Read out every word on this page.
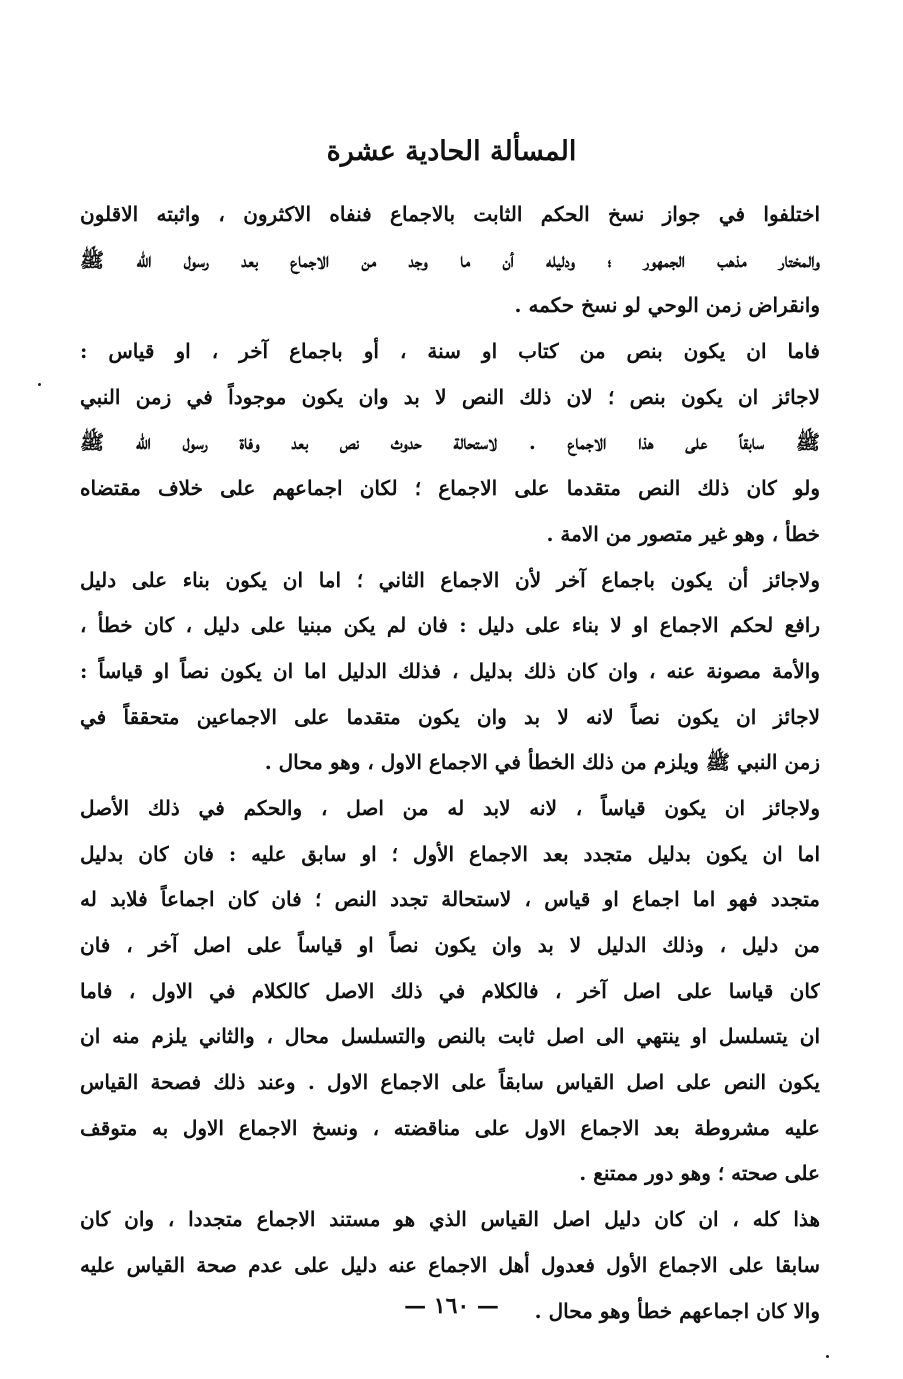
المسألة الحادية عشرة
اختلفوا في جواز نسخ الحكم الثابت بالاجماع فنفاه الاكثرون ، واثبته الاقلون
والمختار مذهب الجمهور ؛ ودليله أن ما وجد من الاجماع بعد رسول الله ﷺ
وانقراض زمن الوحي لو نسخ حكمه .
فاما ان يكون بنص من كتاب او سنة ، أو باجماع آخر ، او قياس :
لاجائز ان يكون بنص ؛ لان ذلك النص لا بد وان يكون موجوداً في زمن النبي
ﷺ سابقاً على هذا الاجماع . لاستحالة حدوث نص بعد وفاة رسول الله ﷺ
ولو كان ذلك النص متقدما على الاجماع ؛ لكان اجماعهم على خلاف مقتضاه
خطأ ، وهو غير متصور من الامة .
ولاجائز أن يكون باجماع آخر لأن الاجماع الثاني ؛ اما ان يكون بناء على دليل
رافع لحكم الاجماع او لا بناء على دليل : فان لم يكن مبنيا على دليل ، كان خطأ ،
والأمة مصونة عنه ، وان كان ذلك بدليل ، فذلك الدليل اما ان يكون نصاً او قياساً :
لاجائز ان يكون نصاً لانه لا بد وان يكون متقدما على الاجماعين متحققاً في
زمن النبي ﷺ ويلزم من ذلك الخطأ في الاجماع الاول ، وهو محال .
ولاجائز ان يكون قياساً ، لانه لابد له من اصل ، والحكم في ذلك الأصل
اما ان يكون بدليل متجدد بعد الاجماع الأول ؛ او سابق عليه : فان كان بدليل
متجدد فهو اما اجماع او قياس ، لاستحالة تجدد النص ؛ فان كان اجماعاً فلابد له
من دليل ، وذلك الدليل لا بد وان يكون نصاً او قياساً على اصل آخر ، فان
كان قياسا على اصل آخر ، فالكلام في ذلك الاصل كالكلام في الاول ، فاما
ان يتسلسل او ينتهي الى اصل ثابت بالنص والتسلسل محال ، والثاني يلزم منه ان
يكون النص على اصل القياس سابقاً على الاجماع الاول . وعند ذلك فصحة القياس
عليه مشروطة بعد الاجماع الاول على مناقضته ، ونسخ الاجماع الاول به متوقف
على صحته ؛ وهو دور ممتنع .
هذا كله ، ان كان دليل اصل القياس الذي هو مستند الاجماع متجددا ، وان كان
سابقا على الاجماع الأول فعدول أهل الاجماع عنه دليل على عدم صحة القياس عليه
والا كان اجماعهم خطأ وهو محال .
— ١٦٠ —
